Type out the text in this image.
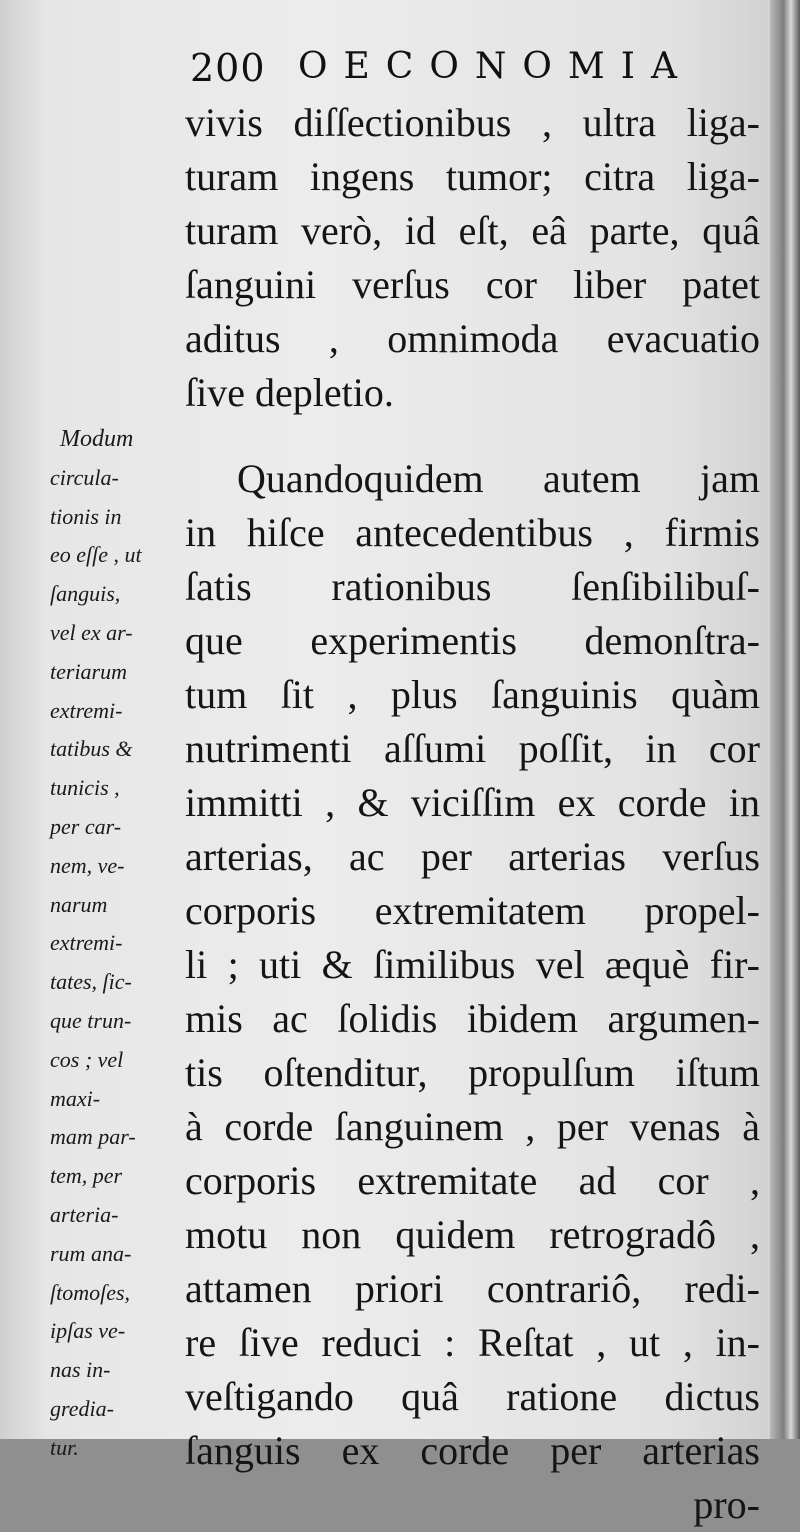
200 OECONOMIA
vivis diſſectionibus , ultra liga-
turam ingens tumor; citra liga-
turam verò, id eſt, eâ parte, quâ
ſanguini verſus cor liber patet
aditus , omnimoda evacuatio
ſive depletio.
Quandoquidem autem jam
in hiſce antecedentibus , firmis
ſatis rationibus ſenſibilibuſ-
que experimentis demonſtra-
tum ſit , plus ſanguinis quàm
nutrimenti aſſumi poſſit, in cor
immitti , & viciſſim ex corde in
arterias, ac per arterias verſus
corporis extremitatem propel-
li ; uti & ſimilibus vel æquè fir-
mis ac ſolidis ibidem argumen-
tis oſtenditur, propulſum iſtum
à corde ſanguinem , per venas à
corporis extremitate ad cor ,
motu non quidem retrogradô ,
attamen priori contrariô, redi-
re ſive reduci : Reſtat , ut , in-
veſtigando quâ ratione dictus
ſanguis ex corde per arterias
pro-
Modum
circula-
tionis in
eo eſſe , ut
ſanguis,
vel ex ar-
teriarum
extremi-
tatibus &
tunicis ,
per car-
nem, ve-
narum
extremi-
tates, ſic-
que trun-
cos ; vel
maxi-
mam par-
tem, per
arteria-
rum ana-
ſtomoſes,
ipſas ve-
nas in-
gredia-
tur.
